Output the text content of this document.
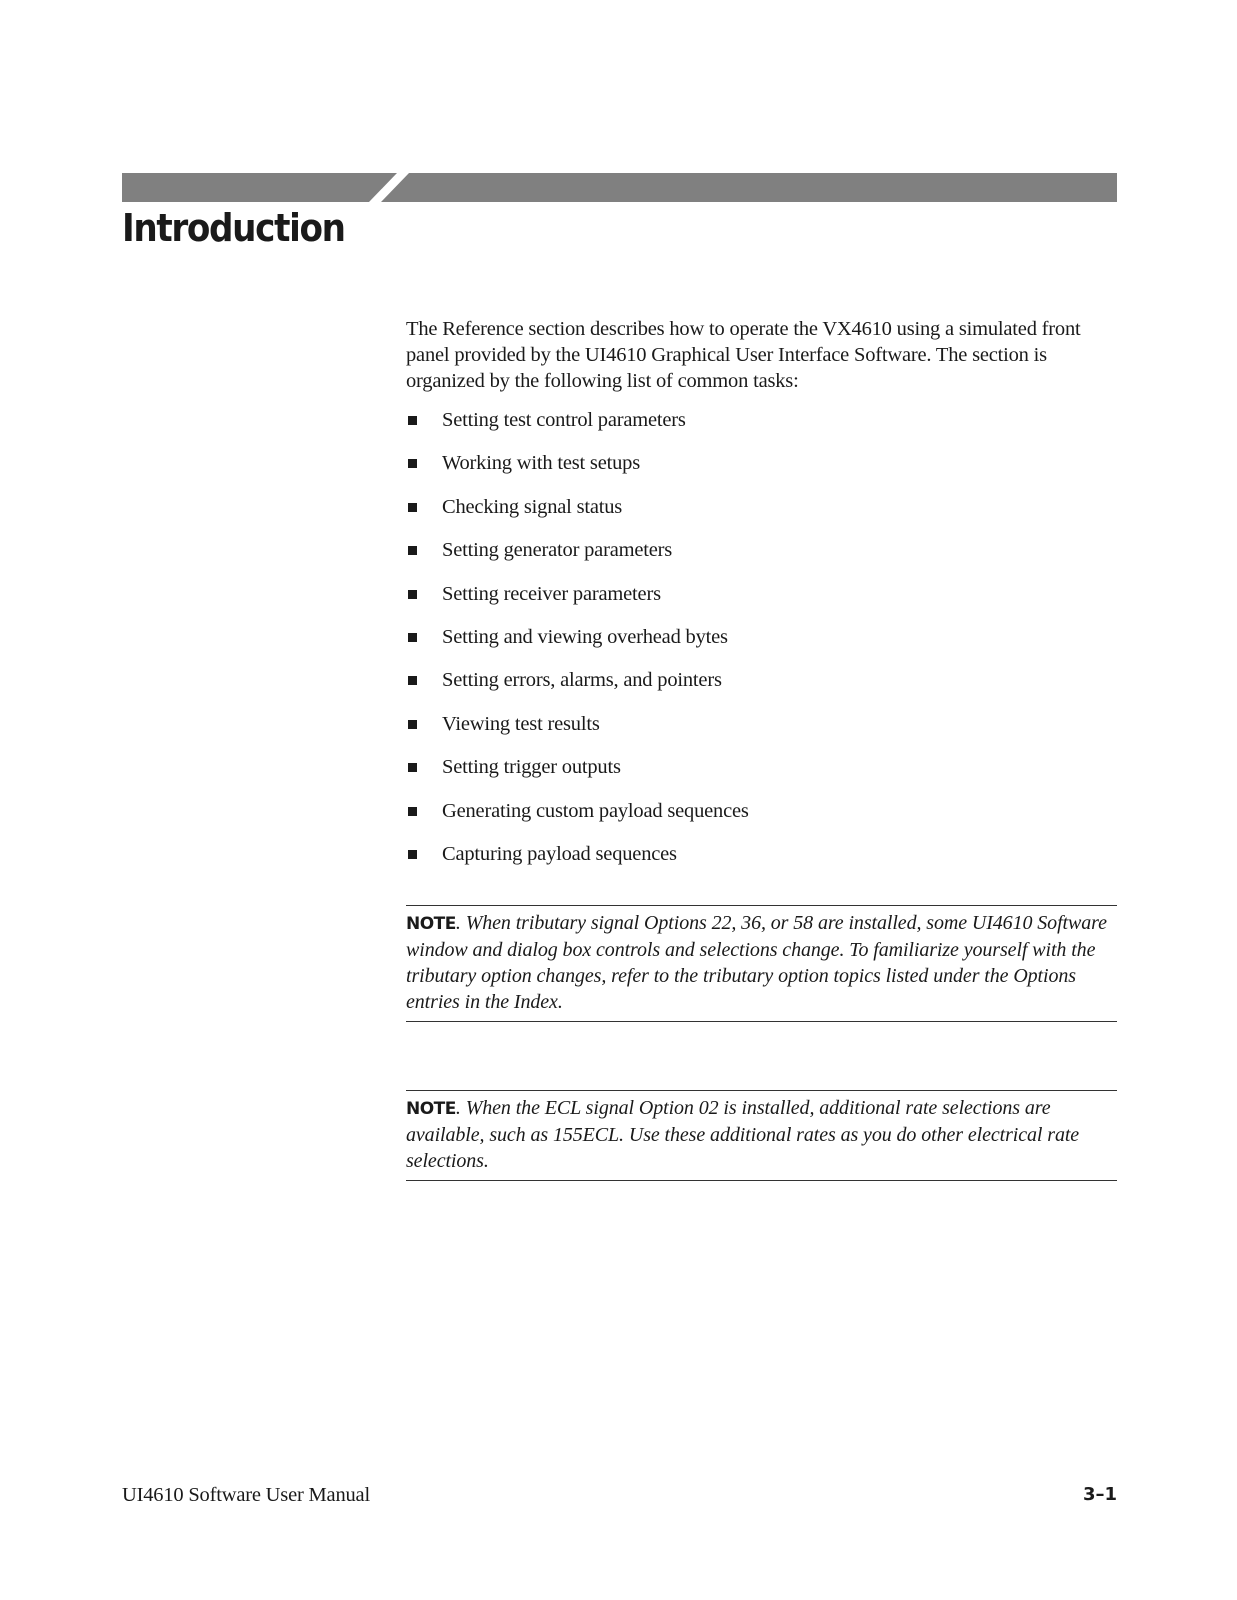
Introduction

The Reference section describes how to operate the VX4610 using a simulated front panel provided by the UI4610 Graphical User Interface Software. The section is organized by the following list of common tasks:

Setting test control parameters
Working with test setups
Checking signal status
Setting generator parameters
Setting receiver parameters
Setting and viewing overhead bytes
Setting errors, alarms, and pointers
Viewing test results
Setting trigger outputs
Generating custom payload sequences
Capturing payload sequences
NOTE. When tributary signal Options 22, 36, or 58 are installed, some UI4610 Software window and dialog box controls and selections change. To familiarize yourself with the tributary option changes, refer to the tributary option topics listed under the Options entries in the Index.
NOTE. When the ECL signal Option 02 is installed, additional rate selections are available, such as 155ECL. Use these additional rates as you do other electrical rate selections.
UI4610 Software User Manual	3–1
